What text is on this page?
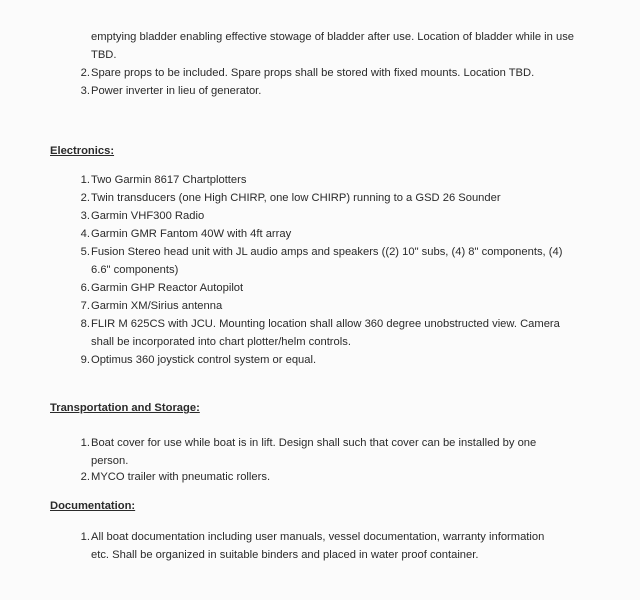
emptying bladder enabling effective stowage of bladder after use. Location of bladder while in use TBD.
2. Spare props to be included. Spare props shall be stored with fixed mounts. Location TBD.
3. Power inverter in lieu of generator.
Electronics:
1. Two Garmin 8617 Chartplotters
2. Twin transducers (one High CHIRP, one low CHIRP) running to a GSD 26 Sounder
3. Garmin VHF300 Radio
4. Garmin GMR Fantom 40W with 4ft array
5. Fusion Stereo head unit with JL audio amps and speakers ((2) 10" subs, (4) 8" components, (4) 6.6" components)
6. Garmin GHP Reactor Autopilot
7. Garmin XM/Sirius antenna
8. FLIR M 625CS with JCU. Mounting location shall allow 360 degree unobstructed view. Camera shall be incorporated into chart plotter/helm controls.
9. Optimus 360 joystick control system or equal.
Transportation and Storage:
1. Boat cover for use while boat is in lift. Design shall such that cover can be installed by one person.
2. MYCO trailer with pneumatic rollers.
Documentation:
1. All boat documentation including user manuals, vessel documentation, warranty information etc. Shall be organized in suitable binders and placed in water proof container.
